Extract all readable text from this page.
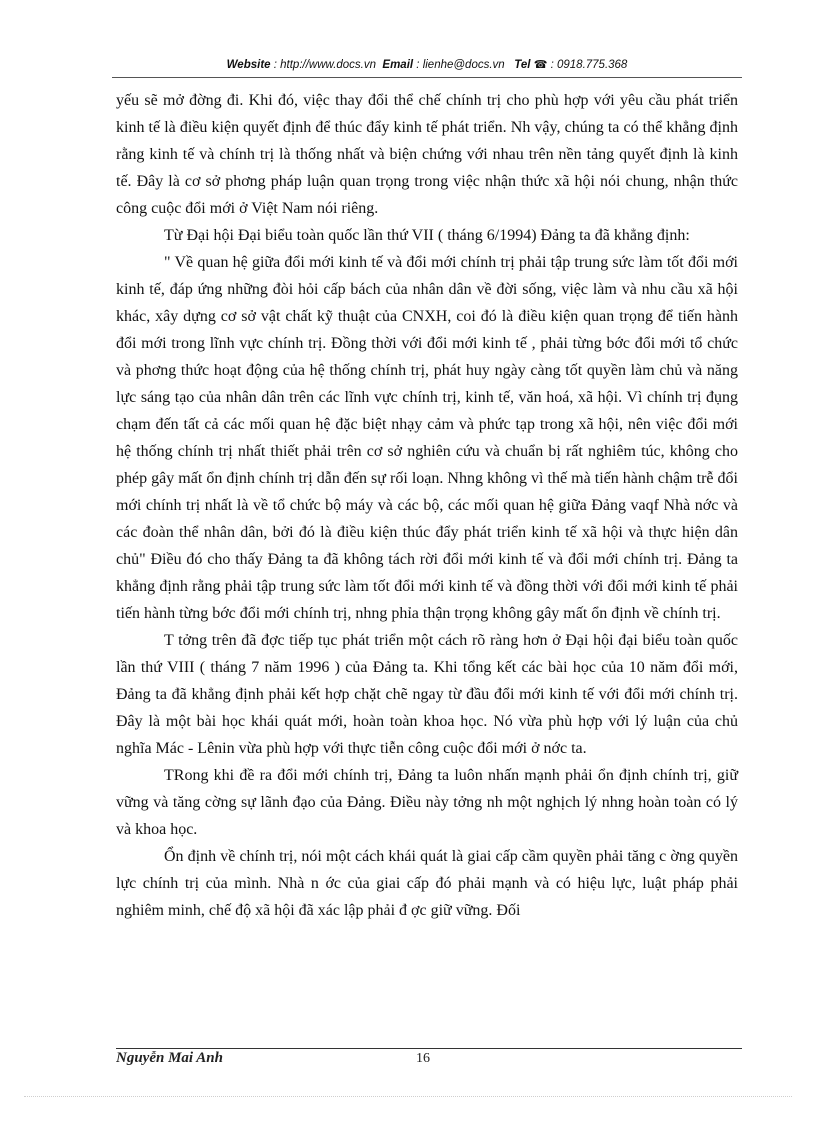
Website : http://www.docs.vn Email : lienhe@docs.vn Tel ☎ : 0918.775.368

yếu sẽ mở đờng đi. Khi đó, việc thay đổi thể chế chính trị cho phù hợp với yêu cầu phát triển kinh tế là điều kiện quyết định để thúc đẩy kinh tế phát triển. Nh vậy, chúng ta có thể khẳng định rằng kinh tế và chính trị là thống nhất và biện chứng với nhau trên nền tảng quyết định là kinh tế. Đây là cơ sở phơng pháp luận quan trọng trong việc nhận thức xã hội nói chung, nhận thức công cuộc đổi mới ở Việt Nam nói riêng.

Từ Đại hội Đại biểu toàn quốc lần thứ VII ( tháng 6/1994) Đảng ta đã khẳng định:

" Về quan hệ giữa đổi mới kinh tế và đổi mới chính trị phải tập trung sức làm tốt đổi mới kinh tế, đáp ứng những đòi hỏi cấp bách của nhân dân về đời sống, việc làm và nhu cầu xã hội khác, xây dựng cơ sở vật chất kỹ thuật của CNXH, coi đó là điều kiện quan trọng để tiến hành đổi mới trong lĩnh vực chính trị. Đồng thời với đổi mới kinh tế , phải từng bớc đổi mới tổ chức và phơng thức hoạt động của hệ thống chính trị, phát huy ngày càng tốt quyền làm chủ và năng lực sáng tạo của nhân dân trên các lĩnh vực chính trị, kinh tế, văn hoá, xã hội. Vì chính trị đụng chạm đến tất cả các mối quan hệ đặc biệt nhạy cảm và phức tạp trong xã hội, nên việc đổi mới hệ thống chính trị nhất thiết phải trên cơ sở nghiên cứu và chuẩn bị rất nghiêm túc, không cho phép gây mất ổn định chính trị dẫn đến sự rối loạn. Nhng không vì thế mà tiến hành chậm trễ đổi mới chính trị nhất là về tổ chức bộ máy và các bộ, các mối quan hệ giữa Đảng vaqf Nhà nớc và các đoàn thể nhân dân, bởi đó là điều kiện thúc đẩy phát triển kinh tế xã hội và thực hiện dân chủ" Điều đó cho thấy Đảng ta đã không tách rời đổi mới kinh tế và đổi mới chính trị. Đảng ta khẳng định rằng phải tập trung sức làm tốt đổi mới kinh tế và đồng thời với đổi mới kinh tế phải tiến hành từng bớc đổi mới chính trị, nhng phỉa thận trọng không gây mất ổn định về chính trị.

T tởng trên đã đợc tiếp tục phát triển một cách rõ ràng hơn ở Đại hội đại biểu toàn quốc lần thứ VIII ( tháng 7 năm 1996 ) của Đảng ta. Khi tổng kết các bài học của 10 năm đổi mới, Đảng ta đã khẳng định phải kết hợp chặt chẽ ngay từ đầu đổi mới kinh tế với đổi mới chính trị. Đây là một bài học khái quát mới, hoàn toàn khoa học. Nó vừa phù hợp với lý luận của chủ nghĩa Mác - Lênin vừa phù hợp với thực tiễn công cuộc đổi mới ở nớc ta.

TRong khi đề ra đổi mới chính trị, Đảng ta luôn nhấn mạnh phải ổn định chính trị, giữ vững và tăng cờng sự lãnh đạo của Đảng. Điều này tởng nh một nghịch lý nhng hoàn toàn có lý và khoa học.

Ổn định về chính trị, nói một cách khái quát là giai cấp cầm quyền phải tăng c ờng quyền lực chính trị của mình. Nhà n ớc của giai cấp đó phải mạnh và có hiệu lực, luật pháp phải nghiêm minh, chế độ xã hội đã xác lập phải đ ợc giữ vững. Đối

Nguyễn Mai Anh	16
